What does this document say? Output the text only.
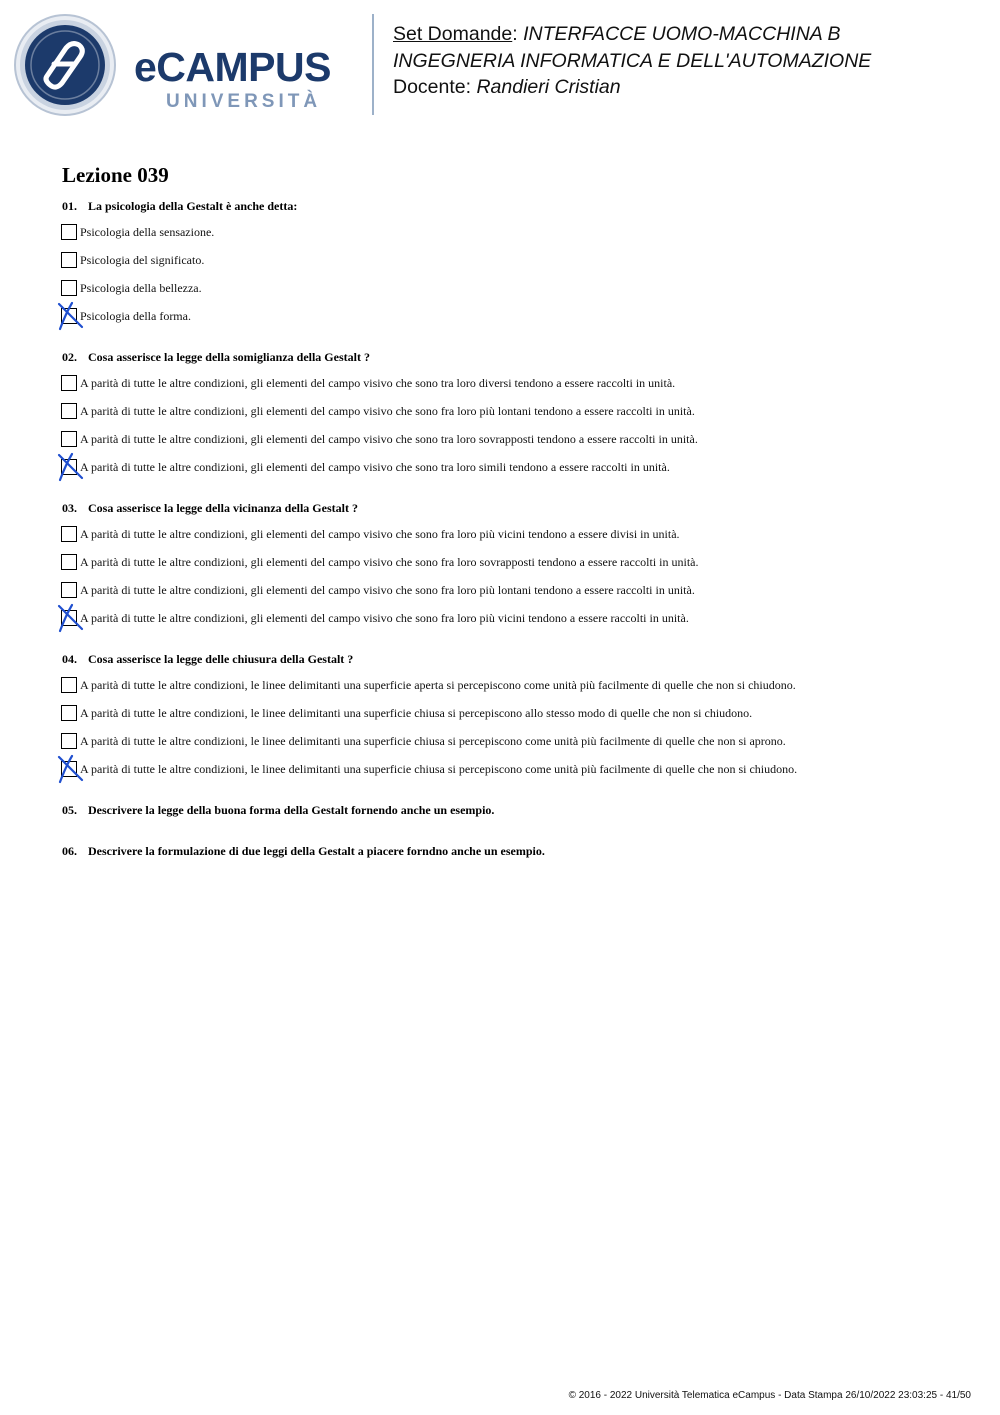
eCAMPUS
UNIVERSITÀ
Set Domande: INTERFACCE UOMO-MACCHINA B
INGEGNERIA INFORMATICA E DELL'AUTOMAZIONE
Docente: Randieri Cristian
Lezione 039
01. La psicologia della Gestalt è anche detta:
Psicologia della sensazione.
Psicologia del significato.
Psicologia della bellezza.
Psicologia della forma.
02. Cosa asserisce la legge della somiglianza della Gestalt ?
A parità di tutte le altre condizioni, gli elementi del campo visivo che sono tra loro diversi tendono a essere raccolti in unità.
A parità di tutte le altre condizioni, gli elementi del campo visivo che sono fra loro più lontani tendono a essere raccolti in unità.
A parità di tutte le altre condizioni, gli elementi del campo visivo che sono tra loro sovrapposti tendono a essere raccolti in unità.
A parità di tutte le altre condizioni, gli elementi del campo visivo che sono tra loro simili tendono a essere raccolti in unità.
03. Cosa asserisce la legge della vicinanza della Gestalt ?
A parità di tutte le altre condizioni, gli elementi del campo visivo che sono fra loro più vicini tendono a essere divisi in unità.
A parità di tutte le altre condizioni, gli elementi del campo visivo che sono fra loro sovrapposti tendono a essere raccolti in unità.
A parità di tutte le altre condizioni, gli elementi del campo visivo che sono fra loro più lontani tendono a essere raccolti in unità.
A parità di tutte le altre condizioni, gli elementi del campo visivo che sono fra loro più vicini tendono a essere raccolti in unità.
04. Cosa asserisce la legge delle chiusura della Gestalt ?
A parità di tutte le altre condizioni, le linee delimitanti una superficie aperta si percepiscono come unità più facilmente di quelle che non si chiudono.
A parità di tutte le altre condizioni, le linee delimitanti una superficie chiusa si percepiscono allo stesso modo di quelle che non si chiudono.
A parità di tutte le altre condizioni, le linee delimitanti una superficie chiusa si percepiscono come unità più facilmente di quelle che non si aprono.
A parità di tutte le altre condizioni, le linee delimitanti una superficie chiusa si percepiscono come unità più facilmente di quelle che non si chiudono.
05. Descrivere la legge della buona forma della Gestalt fornendo anche un esempio.
06. Descrivere la formulazione di due leggi della Gestalt a piacere forndno anche un esempio.
© 2016 - 2022 Università Telematica eCampus - Data Stampa 26/10/2022 23:03:25 - 41/50
